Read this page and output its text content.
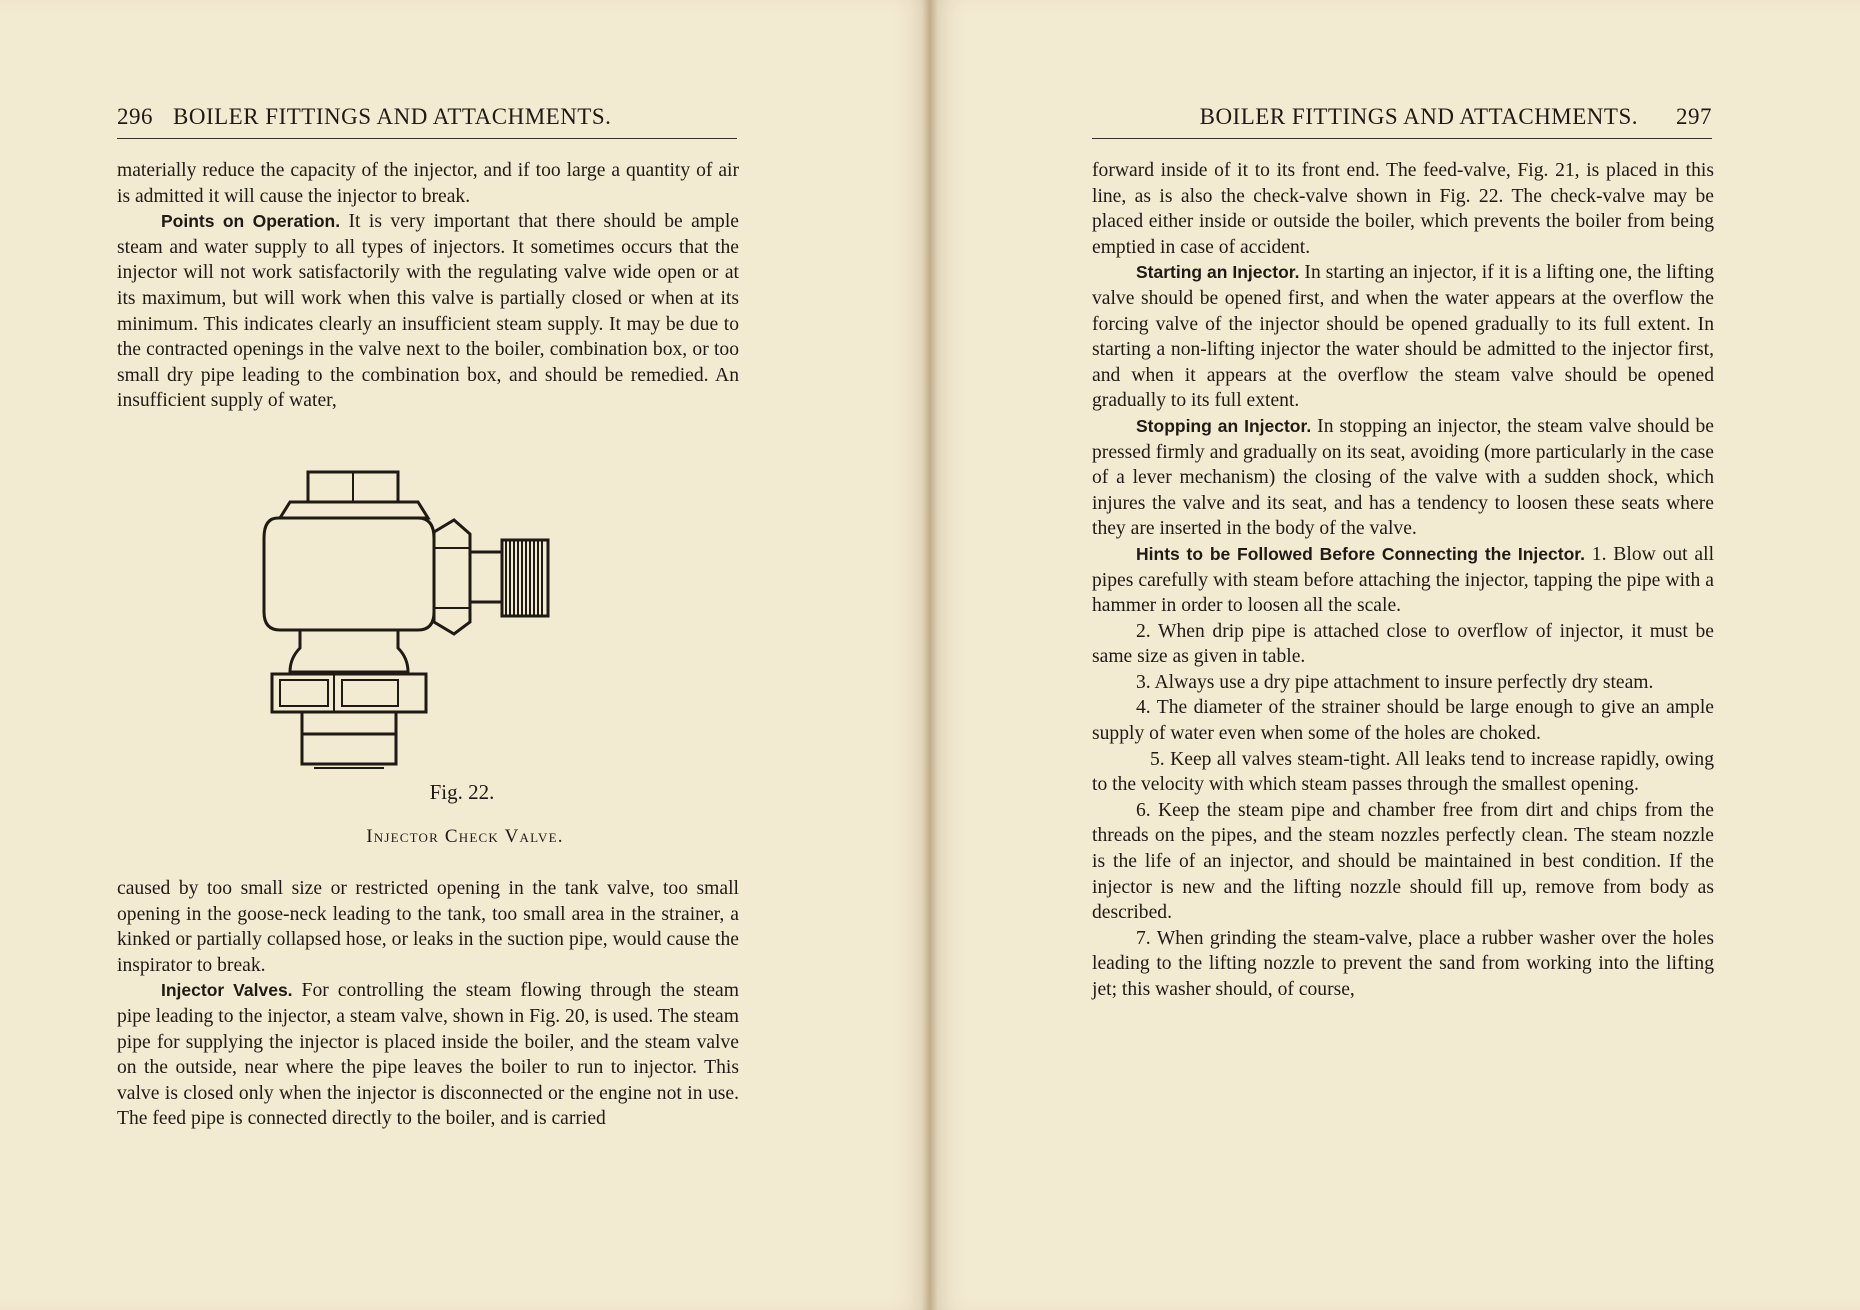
296 BOILER FITTINGS AND ATTACHMENTS.

materially reduce the capacity of the injector, and if too large a quantity of air is admitted it will cause the injector to break.

Points on Operation. It is very important that there should be ample steam and water supply to all types of injectors. It sometimes occurs that the injector will not work satisfactorily with the regulating valve wide open or at its maximum, but will work when this valve is partially closed or when at its minimum. This indicates clearly an insufficient steam supply. It may be due to the contracted openings in the valve next to the boiler, combination box, or too small dry pipe leading to the combination box, and should be remedied. An insufficient supply of water,

Fig. 22.
Injector Check Valve.

caused by too small size or restricted opening in the tank valve, too small opening in the goose-neck leading to the tank, too small area in the strainer, a kinked or partially collapsed hose, or leaks in the suction pipe, would cause the inspirator to break.

Injector Valves. For controlling the steam flowing through the steam pipe leading to the injector, a steam valve, shown in Fig. 20, is used. The steam pipe for supplying the injector is placed inside the boiler, and the steam valve on the outside, near where the pipe leaves the boiler to run to injector. This valve is closed only when the injector is disconnected or the engine not in use. The feed pipe is connected directly to the boiler, and is carried

BOILER FITTINGS AND ATTACHMENTS. 297

forward inside of it to its front end. The feed-valve, Fig. 21, is placed in this line, as is also the check-valve shown in Fig. 22. The check-valve may be placed either inside or outside the boiler, which prevents the boiler from being emptied in case of accident.

Starting an Injector. In starting an injector, if it is a lifting one, the lifting valve should be opened first, and when the water appears at the overflow the forcing valve of the injector should be opened gradually to its full extent. In starting a non-lifting injector the water should be admitted to the injector first, and when it appears at the overflow the steam valve should be opened gradually to its full extent.

Stopping an Injector. In stopping an injector, the steam valve should be pressed firmly and gradually on its seat, avoiding (more particularly in the case of a lever mechanism) the closing of the valve with a sudden shock, which injures the valve and its seat, and has a tendency to loosen these seats where they are inserted in the body of the valve.

Hints to be Followed Before Connecting the Injector. 1. Blow out all pipes carefully with steam before attaching the injector, tapping the pipe with a hammer in order to loosen all the scale.

2. When drip pipe is attached close to overflow of injector, it must be same size as given in table.

3. Always use a dry pipe attachment to insure perfectly dry steam.

4. The diameter of the strainer should be large enough to give an ample supply of water even when some of the holes are choked.

5. Keep all valves steam-tight. All leaks tend to increase rapidly, owing to the velocity with which steam passes through the smallest opening.

6. Keep the steam pipe and chamber free from dirt and chips from the threads on the pipes, and the steam nozzles perfectly clean. The steam nozzle is the life of an injector, and should be maintained in best condition. If the injector is new and the lifting nozzle should fill up, remove from body as described.

7. When grinding the steam-valve, place a rubber washer over the holes leading to the lifting nozzle to prevent the sand from working into the lifting jet; this washer should, of course,
